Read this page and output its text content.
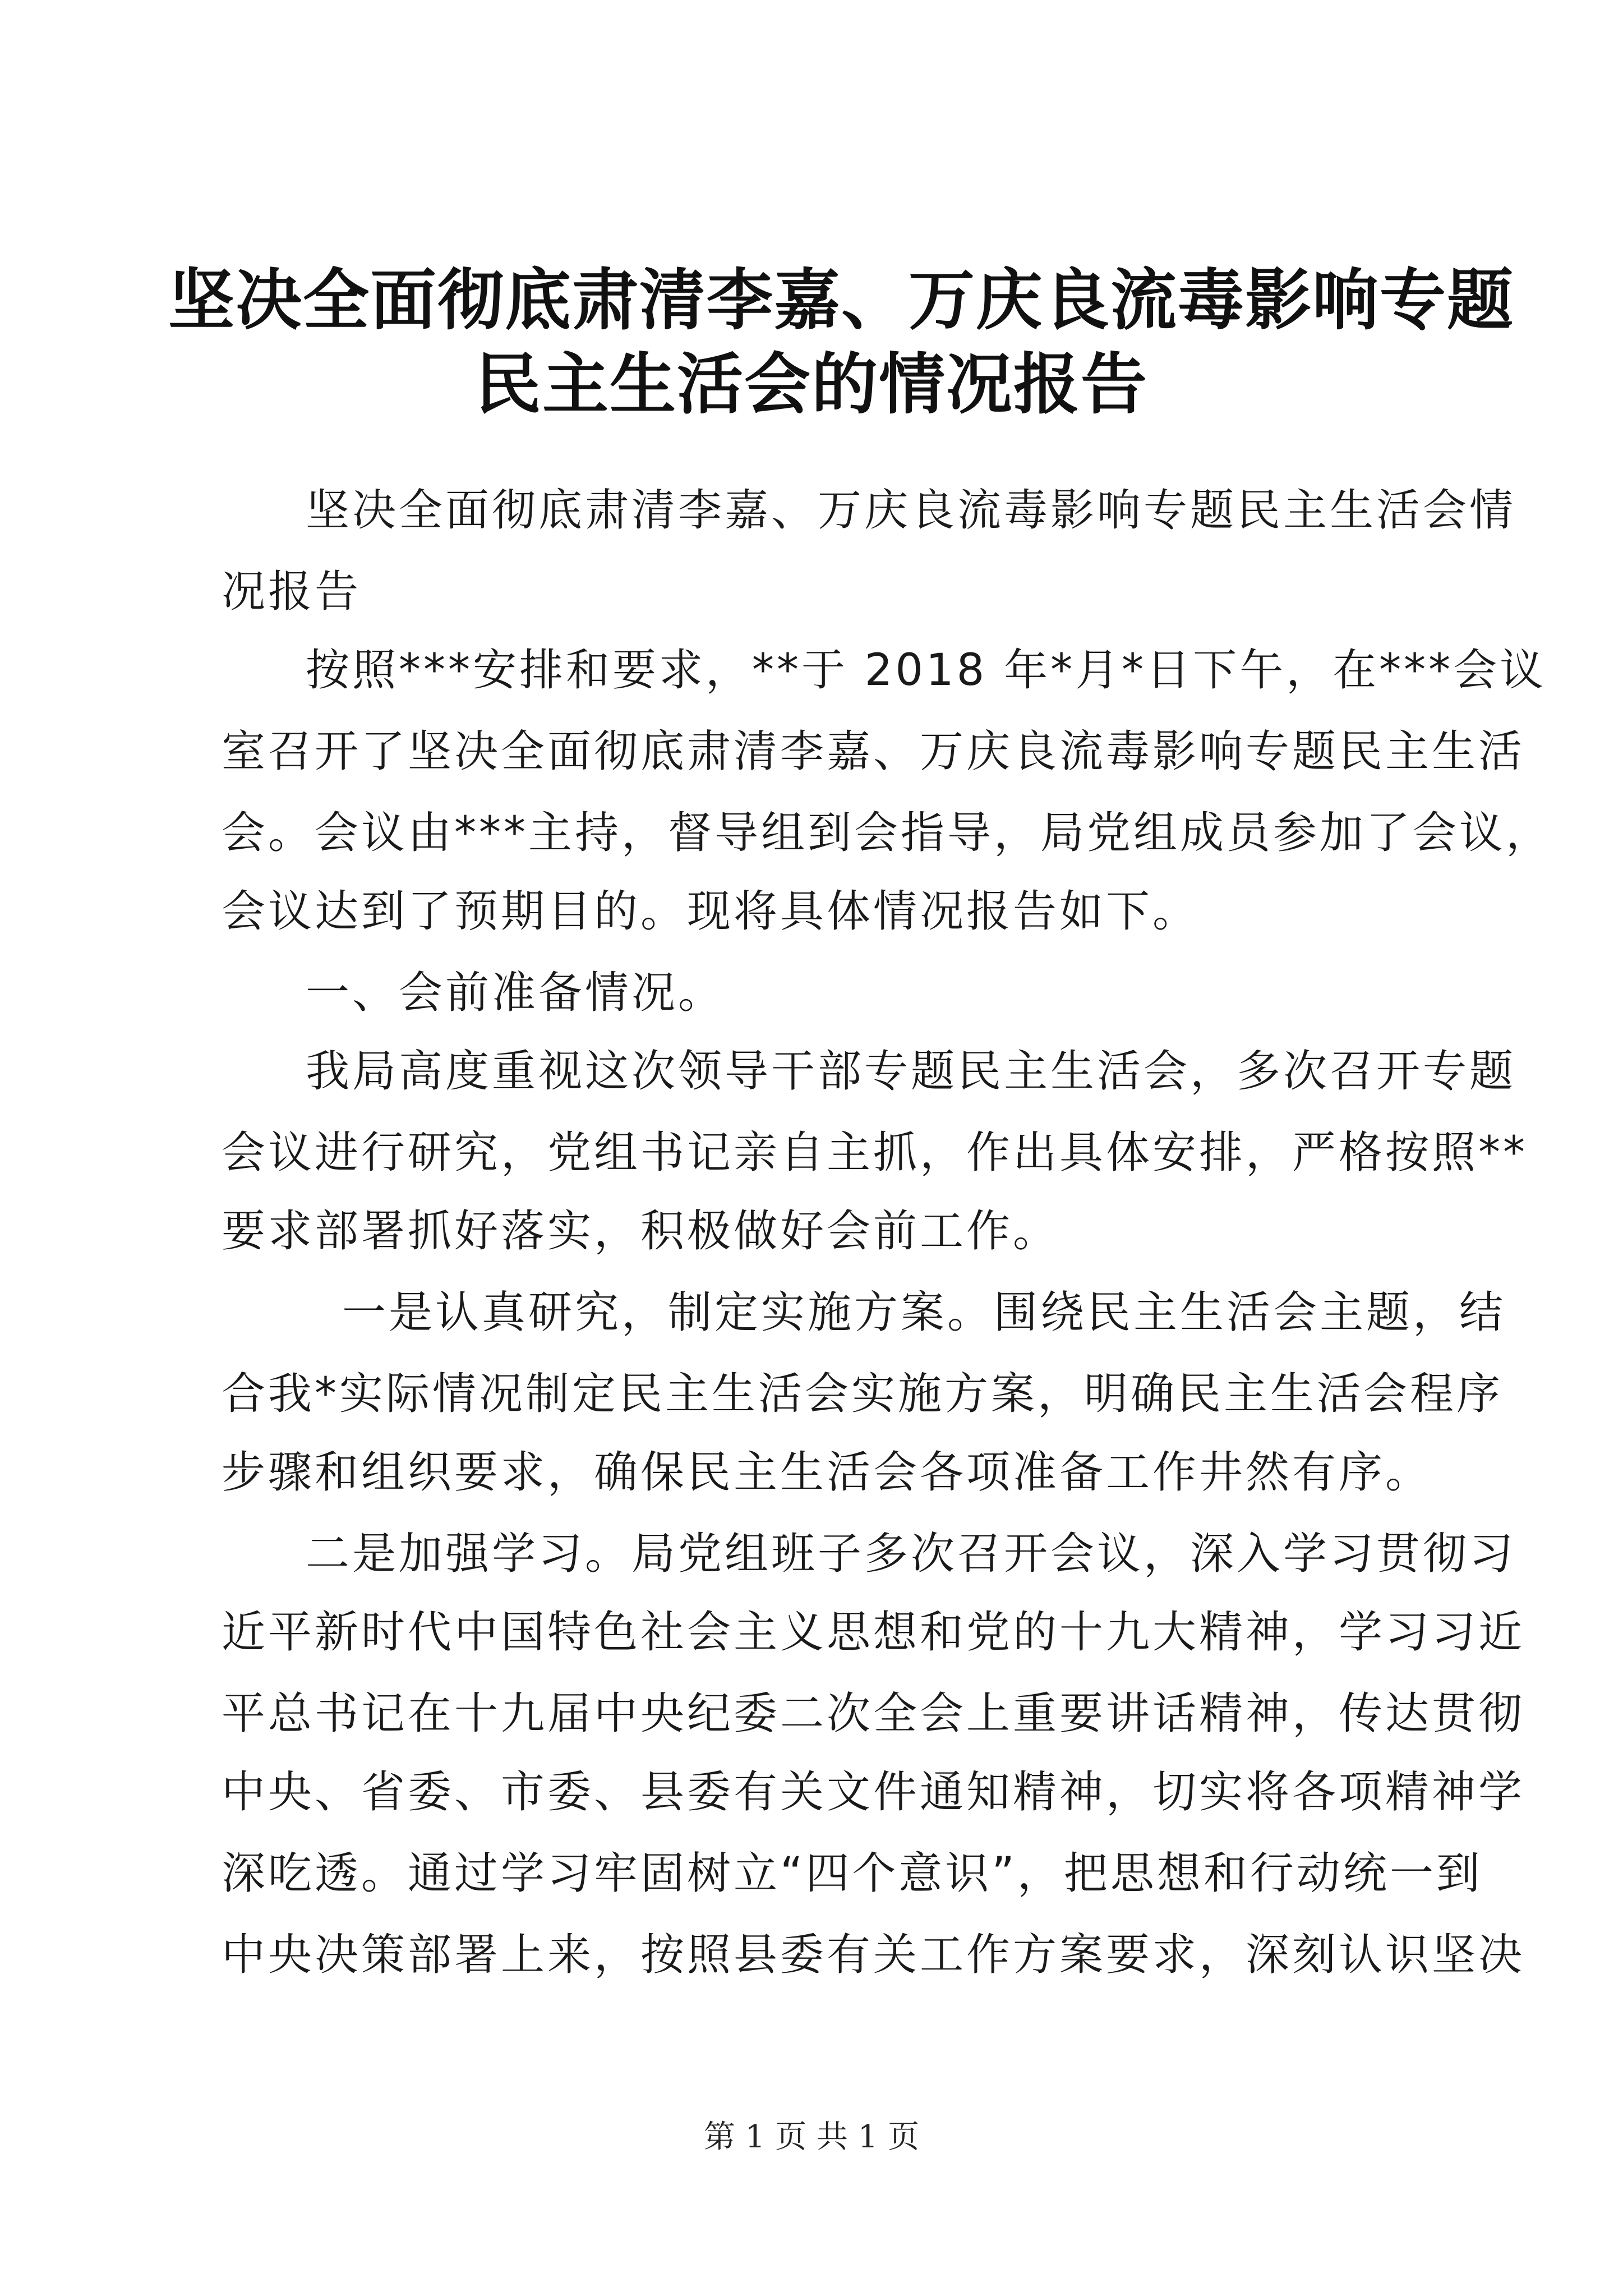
坚决全面彻底肃清李嘉、万庆良流毒影响专题
民主生活会的情况报告
坚决全面彻底肃清李嘉、万庆良流毒影响专题民主生活会情
况报告
按照***安排和要求，**于 2018 年*月*日下午，在***会议
室召开了坚决全面彻底肃清李嘉、万庆良流毒影响专题民主生活
会。会议由***主持，督导组到会指导，局党组成员参加了会议，
会议达到了预期目的。现将具体情况报告如下。
一、会前准备情况。
我局高度重视这次领导干部专题民主生活会，多次召开专题
会议进行研究，党组书记亲自主抓，作出具体安排，严格按照**
要求部署抓好落实，积极做好会前工作。
一是认真研究，制定实施方案。围绕民主生活会主题，结
合我*实际情况制定民主生活会实施方案，明确民主生活会程序
步骤和组织要求，确保民主生活会各项准备工作井然有序。
二是加强学习。局党组班子多次召开会议，深入学习贯彻习
近平新时代中国特色社会主义思想和党的十九大精神，学习习近
平总书记在十九届中央纪委二次全会上重要讲话精神，传达贯彻
中央、省委、市委、县委有关文件通知精神，切实将各项精神学
深吃透。通过学习牢固树立“四个意识”，把思想和行动统一到
中央决策部署上来，按照县委有关工作方案要求，深刻认识坚决
第 1 页 共 1 页
